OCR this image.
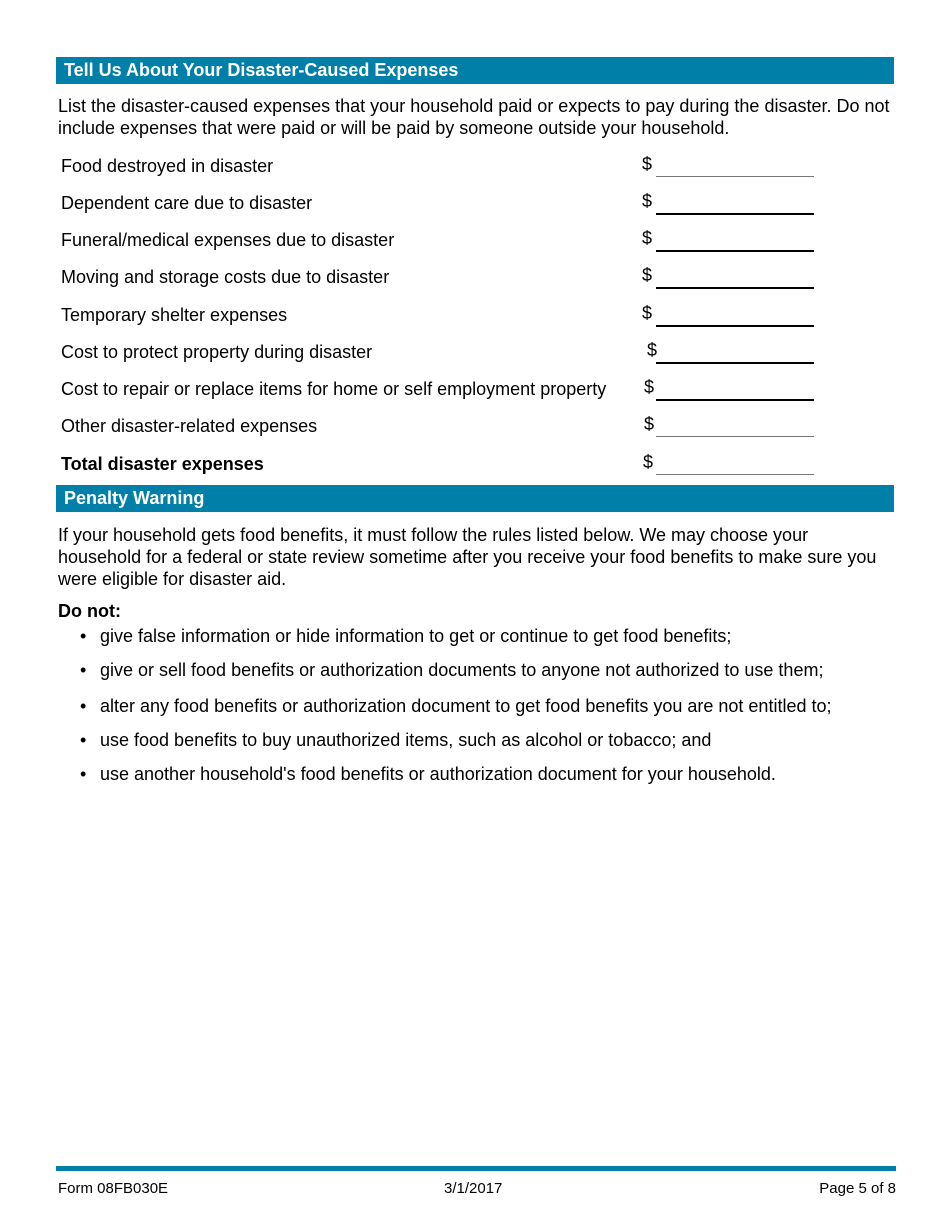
Tell Us About Your Disaster-Caused Expenses
List the disaster-caused expenses that your household paid or expects to pay during the disaster. Do not include expenses that were paid or will be paid by someone outside your household.
Food destroyed in disaster	$
Dependent care due to disaster	$
Funeral/medical expenses due to disaster	$
Moving and storage costs due to disaster	$
Temporary shelter expenses	$
Cost to protect property during disaster	$
Cost to repair or replace items for home or self employment property $
Other disaster-related expenses	$
Total disaster expenses	$
Penalty Warning
If your household gets food benefits, it must follow the rules listed below. We may choose your household for a federal or state review sometime after you receive your food benefits to make sure you were eligible for disaster aid.
Do not:
• give false information or hide information to get or continue to get food benefits;
• give or sell food benefits or authorization documents to anyone not authorized to use them;
• alter any food benefits or authorization document to get food benefits you are not entitled to;
• use food benefits to buy unauthorized items, such as alcohol or tobacco; and
• use another household's food benefits or authorization document for your household.
Form 08FB030E	3/1/2017	Page 5 of 8
